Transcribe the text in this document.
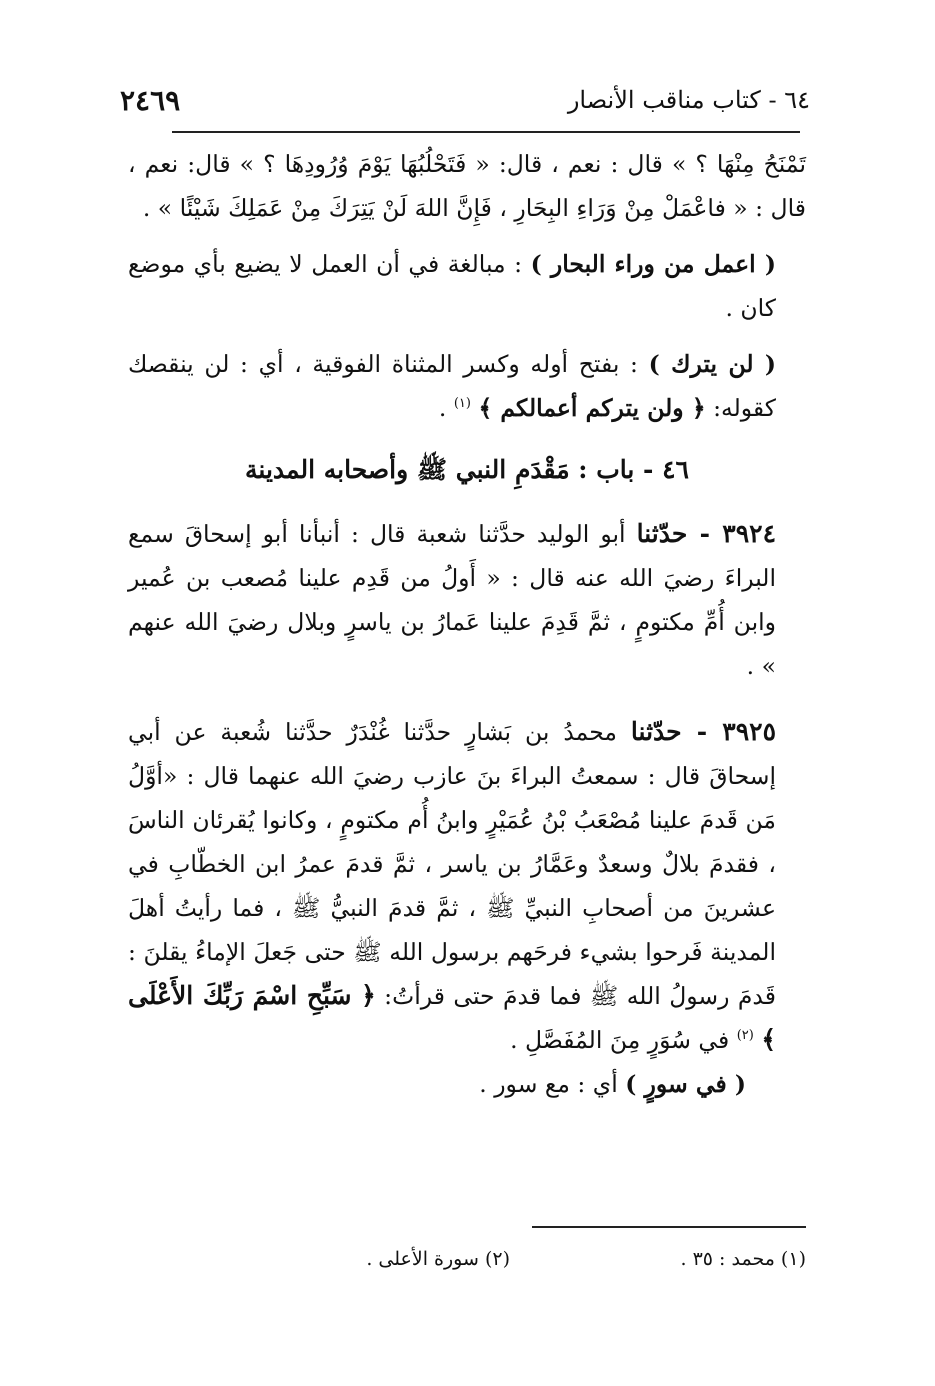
٦٤ - كتاب مناقب الأنصار
٢٤٦٩

تَمْنَحُ مِنْهَا ؟ » قال : نعم ، قال: « فَتَحْلُبُهَا يَوْمَ وُرُودِهَا ؟ » قال: نعم ، قال : « فاعْمَلْ مِنْ وَرَاءِ البِحَارِ ، فَإِنَّ اللهَ لَنْ يَتِرَكَ مِنْ عَمَلِكَ شَيْئًا » .

( اعمل من وراء البحار ) : مبالغة في أن العمل لا يضيع بأي موضع كان .

( لن يترك ) : بفتح أوله وكسر المثناة الفوقية ، أي : لن ينقصك كقوله: ﴿ ولن يتركم أعمالكم ﴾ $^{(١)}$ .

٤٦ - باب : مَقْدَمِ النبي ﷺ وأصحابه المدينة

٣٩٢٤ - حدّثنا أبو الوليد حدَّثنا شعبة قال : أنبأنا أبو إسحاقَ سمع البراءَ رضيَ الله عنه قال : « أَولُ من قَدِم علينا مُصعب بن عُمير وابن أُمِّ مكتومٍ ، ثمَّ قَدِمَ علينا عَمارُ بن ياسرٍ وبلال رضيَ الله عنهم » .

٣٩٢٥ - حدّثنا محمدُ بن بَشارٍ حدَّثنا غُنْدَرٌ حدَّثنا شُعبة عن أبي إسحاقَ قال : سمعتُ البراءَ بنَ عازب رضيَ الله عنهما قال : «أوَّلُ مَن قَدمَ علينا مُصْعَبُ بْنُ عُمَيْرٍ وابنُ أُم مكتومٍ ، وكانوا يُقرئان الناسَ ، فقدمَ بلالٌ وسعدٌ وعَمَّارُ بن ياسر ، ثمَّ قدمَ عمرُ ابن الخطّابِ في عشرينَ من أصحابِ النبيِّ ﷺ ، ثمَّ قدمَ النبيُّ ﷺ ، فما رأيتُ أهلَ المدينة فَرحوا بشيء فرحَهم برسول الله ﷺ حتى جَعلَ الإماءُ يقلنَ : قَدمَ رسولُ الله ﷺ فما قدمَ حتى قرأتُ: ﴿ سَبِّحِ اسْمَ رَبِّكَ الأَعْلَى ﴾ $^{(٢)}$ في سُوَرٍ مِنَ المُفَصَّلِ .

( في سورٍ ) أي : مع سور .

(١) محمد : ٣٥ .
(٢) سورة الأعلى .
